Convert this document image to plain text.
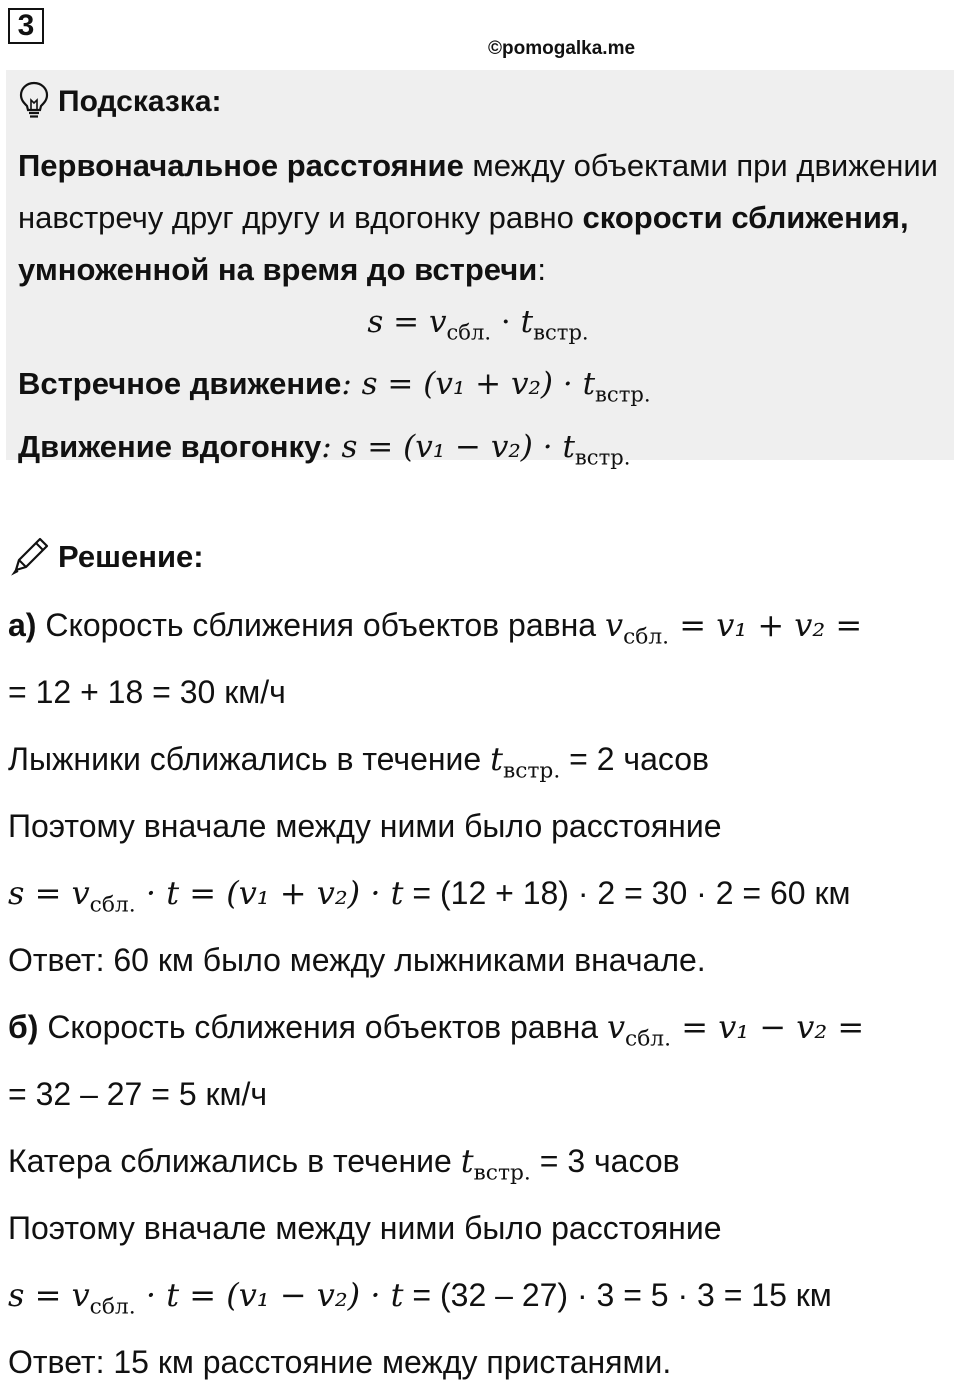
3
©pomogalka.me
Подсказка:
Первоначальное расстояние между объектами при движении навстречу друг другу и вдогонку равно скорости сближения, умноженной на время до встречи:
$s = v_{сбл.} \cdot t_{встр.}$
Встречное движение: $s = (v_1 + v_2) \cdot t_{встр.}$
Движение вдогонку: $s = (v_1 - v_2) \cdot t_{встр.}$
Решение:
а) Скорость сближения объектов равна $v_{сбл.} = v_1 + v_2$ =
= 12 + 18 = 30 км/ч
Лыжники сближались в течение $t_{встр.} = 2$ часов
Поэтому вначале между ними было расстояние
$s = v_{сбл.} \cdot t = (v_1 + v_2) \cdot t = (12 + 18) \cdot 2 = 30 \cdot 2 = 60$ км
Ответ: 60 км было между лыжниками вначале.
б) Скорость сближения объектов равна $v_{сбл.} = v_1 - v_2$ =
= 32 – 27 = 5 км/ч
Катера сближались в течение $t_{встр.} = 3$ часов
Поэтому вначале между ними было расстояние
$s = v_{сбл.} \cdot t = (v_1 - v_2) \cdot t = (32 - 27) \cdot 3 = 5 \cdot 3 = 15$ км
Ответ: 15 км расстояние между пристанями.
